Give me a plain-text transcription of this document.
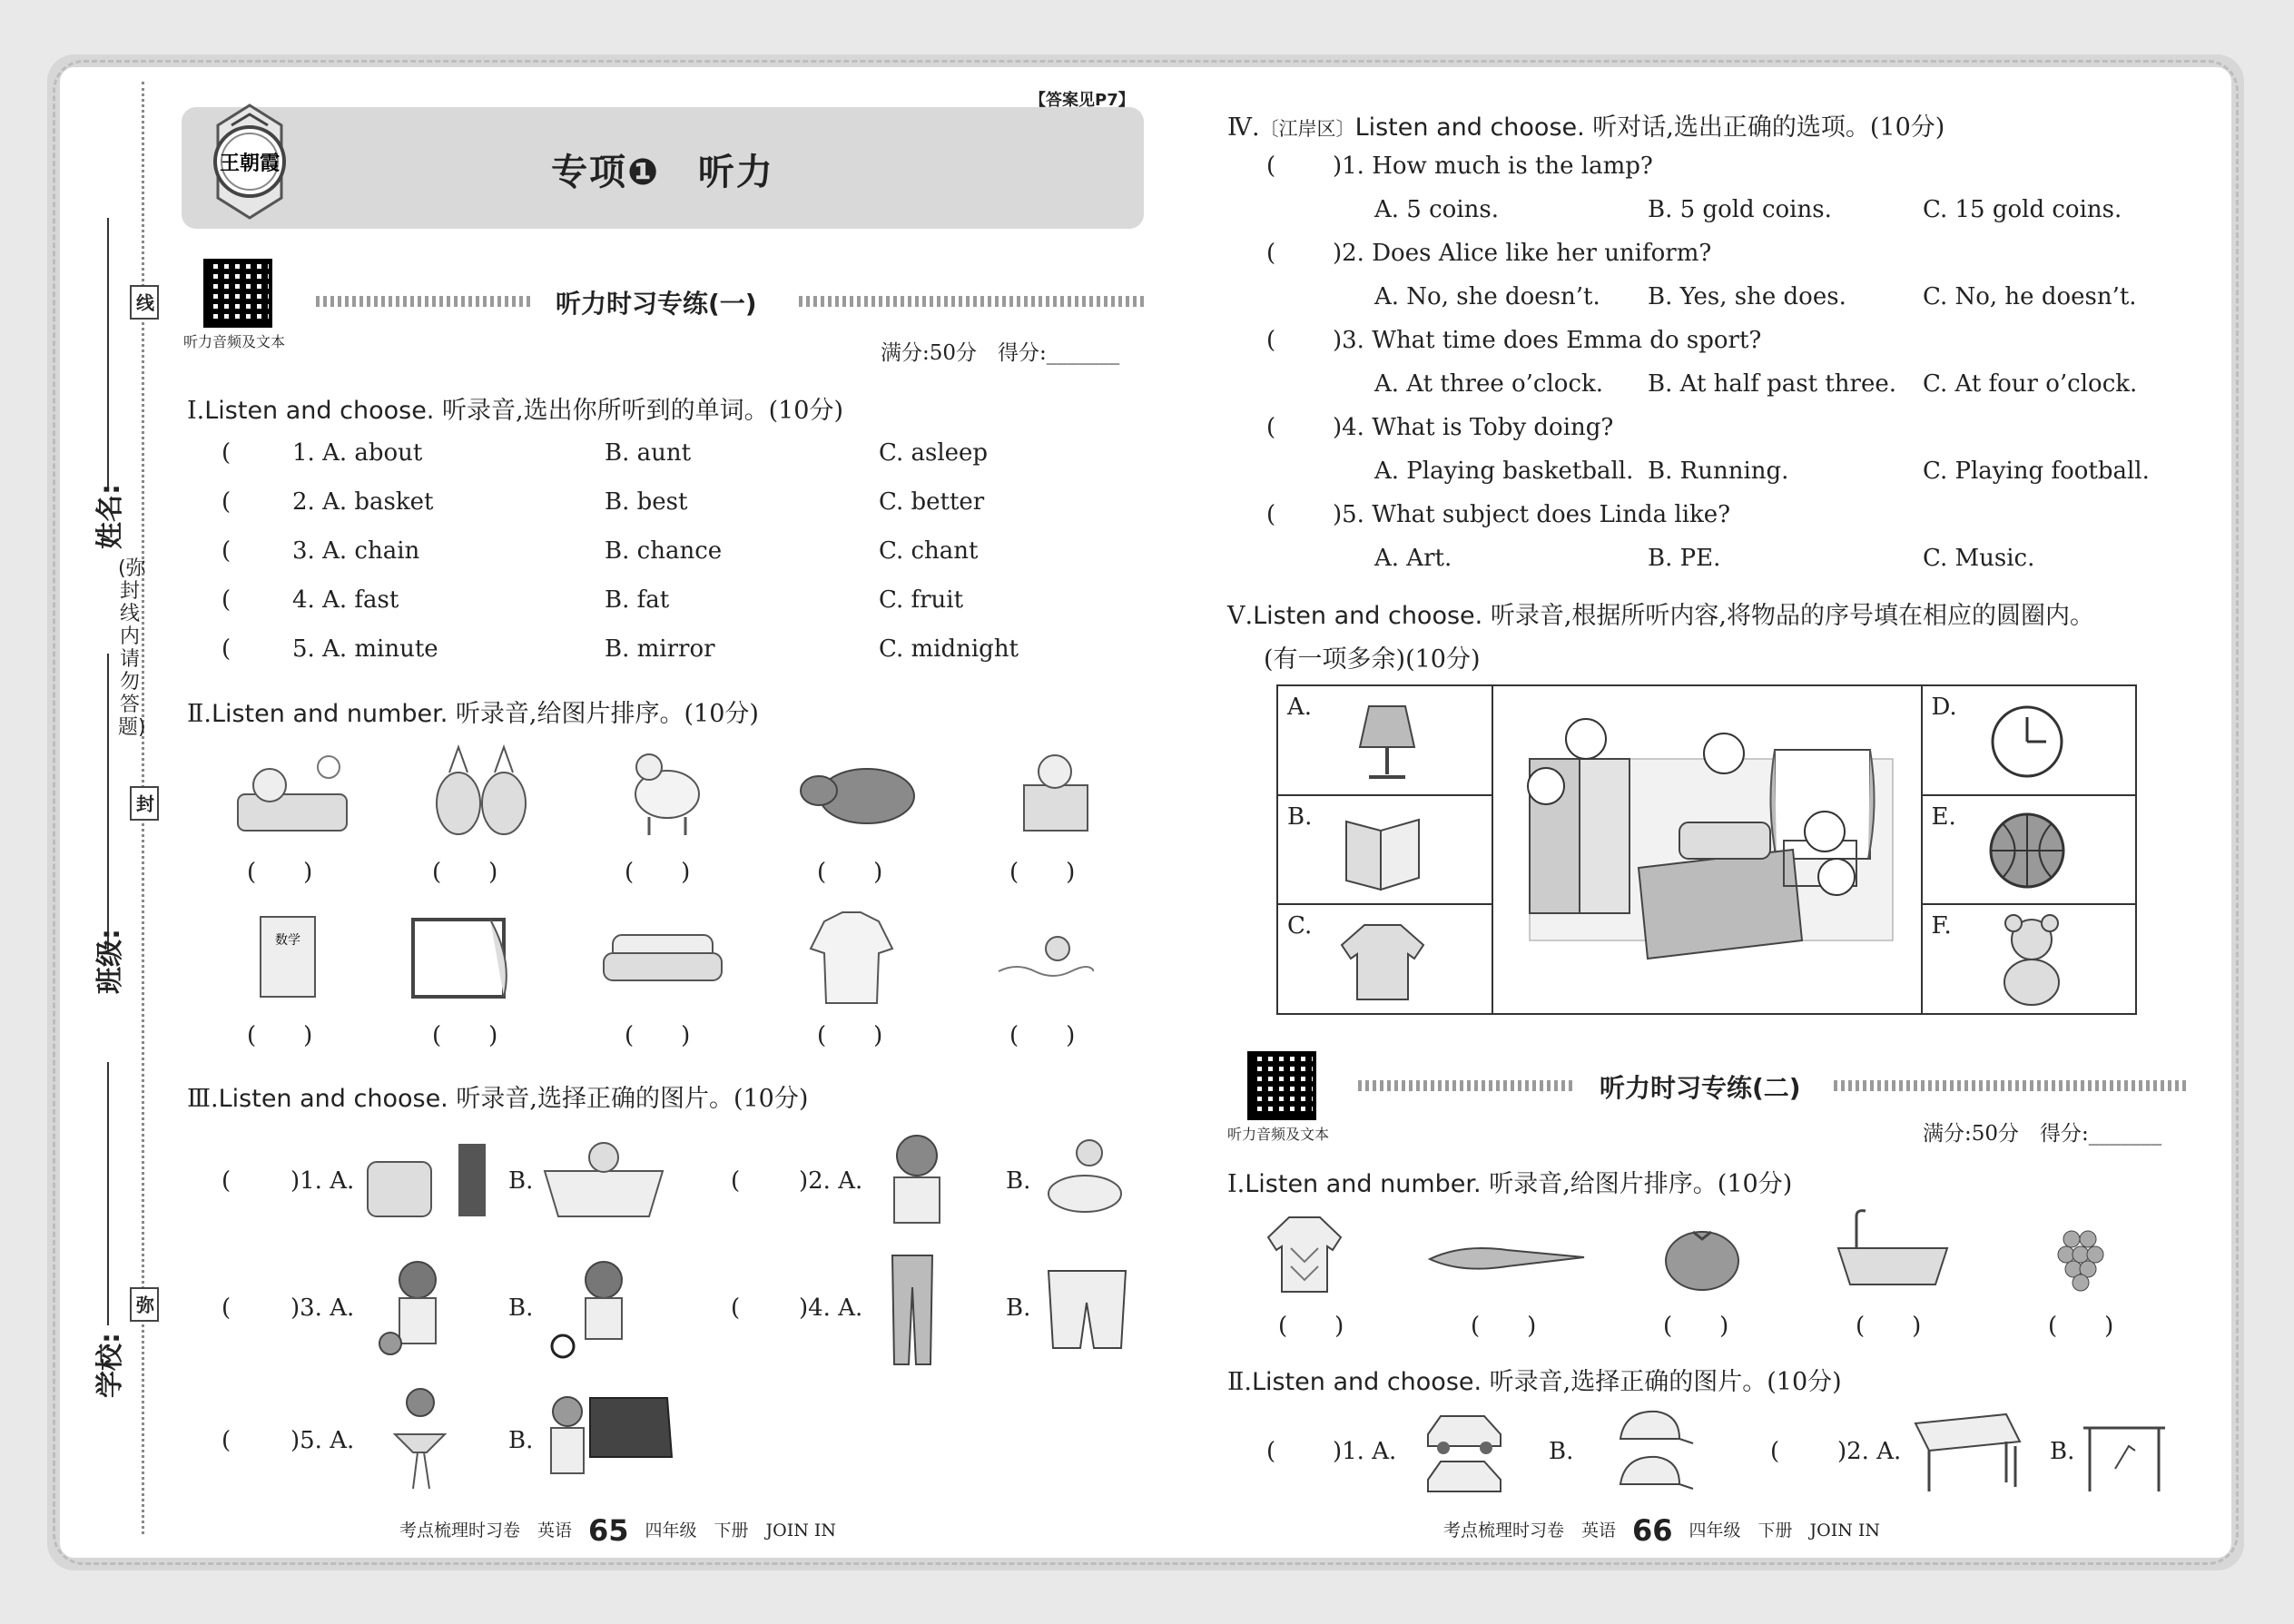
姓名:
班级:
学校:
线
封
弥
(弥封线内请勿答题)
专项❶　听力
王朝霞
【答案见P7】
听力音频及文本
听力时习专练(一)
满分:50分　得分:_______
Ⅰ.Listen and choose. 听录音,选出你所听到的单词。(10分)
(	1. A. about	B. aunt	C. asleep
(	2. A. basket	B. best	C. better
(	3. A. chain	B. chance	C. chant
(	4. A. fast	B. fat	C. fruit
(	5. A. minute	B. mirror	C. midnight
Ⅱ.Listen and number. 听录音,给图片排序。(10分)
(　　)	(　　)	(　　)	(　　)	(　　)
数学
(　　)	(　　)	(　　)	(　　)	(　　)
Ⅲ.Listen and choose. 听录音,选择正确的图片。(10分)
(	)1. A.	B.	( )2. A.	B.
(	)3. A.	B.	( )4. A.	B.
(	)5. A.	B.
考点梳理时习卷　英语 65 四年级　下册　JOIN IN
Ⅳ.〔江岸区〕Listen and choose. 听对话,选出正确的选项。(10分)
( )1. How much is the lamp?
A. 5 coins.	B. 5 gold coins.	C. 15 gold coins.
( )2. Does Alice like her uniform?
A. No, she doesn’t. B. Yes, she does.	C. No, he doesn’t.
( )3. What time does Emma do sport?
A. At three o’clock. B. At half past three. C. At four o’clock.
( )4. What is Toby doing?
A. Playing basketball. B. Running.	C. Playing football.
( )5. What subject does Linda like?
A. Art.	B. PE.	C. Music.
Ⅴ.Listen and choose. 听录音,根据所听内容,将物品的序号填在相应的圆圈内。
(有一项多余)(10分)
A.		D.

B.		E.

C.		F.
听力音频及文本
听力时习专练(二)
满分:50分　得分:_______
Ⅰ.Listen and number. 听录音,给图片排序。(10分)
(　　)	(　　)	(　　)	(　　)	(　　)
Ⅱ.Listen and choose. 听录音,选择正确的图片。(10分)
( )1. A.	B.	( )2. A.	B.
考点梳理时习卷　英语 66 四年级　下册　JOIN IN
